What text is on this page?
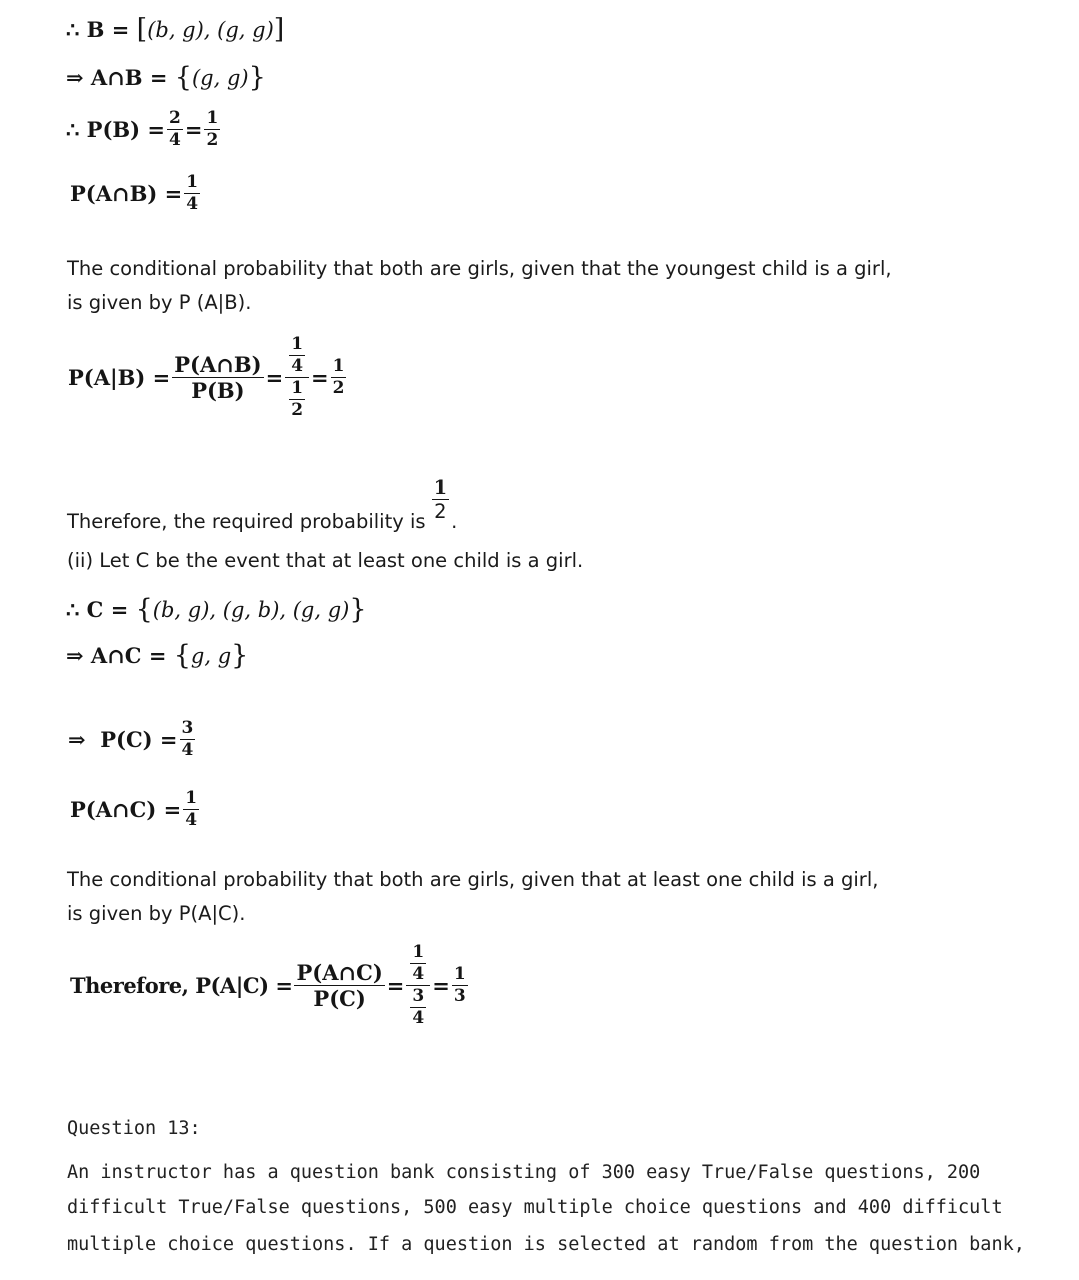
∴ B =
[ (b, g), (g, g) ]
⇒ A∩B =
{ (g, g) }
∴ $P(B) = \frac{2}{4} = \frac{1}{2}$
P(A∩B) = $\frac{1}{4}$
The conditional probability that both are girls, given that the youngest child is a girl,
is given by P (A|B).
$P(A|B) = \frac{P(A\cap B)}{P(B)} = \frac{\frac{1}{4}}{\frac{1}{2}} = \frac{1}{2}$
Therefore, the required probability is $\frac{1}{2}$ .
(ii) Let C be the event that at least one child is a girl.
∴ C =
{ (b, g), (g, b), (g, g) }
⇒ A∩C =
{ g, g }
⇒  $P(C) = \frac{3}{4}$
P(A∩C) = $\frac{1}{4}$
The conditional probability that both are girls, given that at least one child is a girl,
is given by P(A|C).
Therefore, $P(A|C) = \frac{P(A\cap C)}{P(C)} = \frac{\frac{1}{4}}{\frac{3}{4}} = \frac{1}{3}$
Question 13:
An instructor has a question bank consisting of 300 easy True/False questions, 200
difficult True/False questions, 500 easy multiple choice questions and 400 difficult
multiple choice questions. If a question is selected at random from the question bank,
